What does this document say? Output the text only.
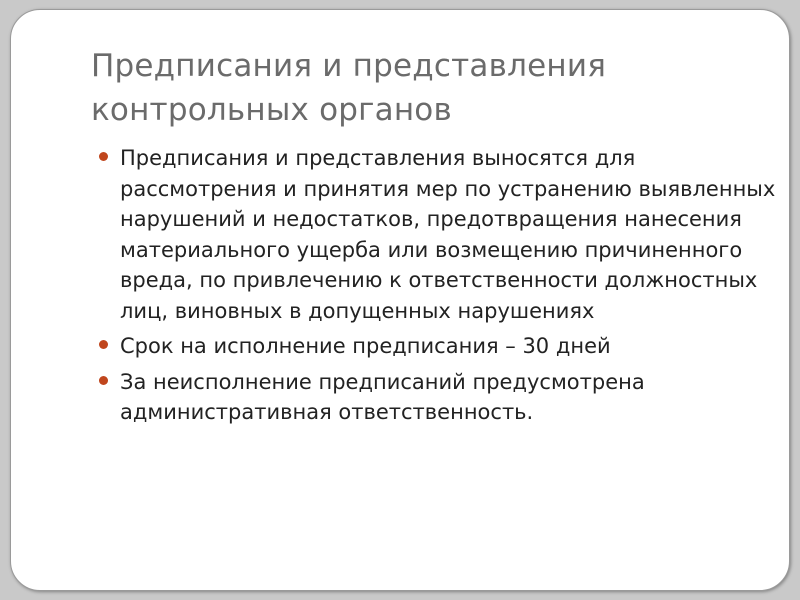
Предписания и представления контрольных органов
Предписания и представления выносятся для рассмотрения и принятия мер по устранению выявленных нарушений и недостатков, предотвращения нанесения материального ущерба или возмещению причиненного вреда, по привлечению к ответственности должностных лиц, виновных в допущенных нарушениях
Срок на исполнение предписания – 30 дней
За неисполнение предписаний предусмотрена административная ответственность.
